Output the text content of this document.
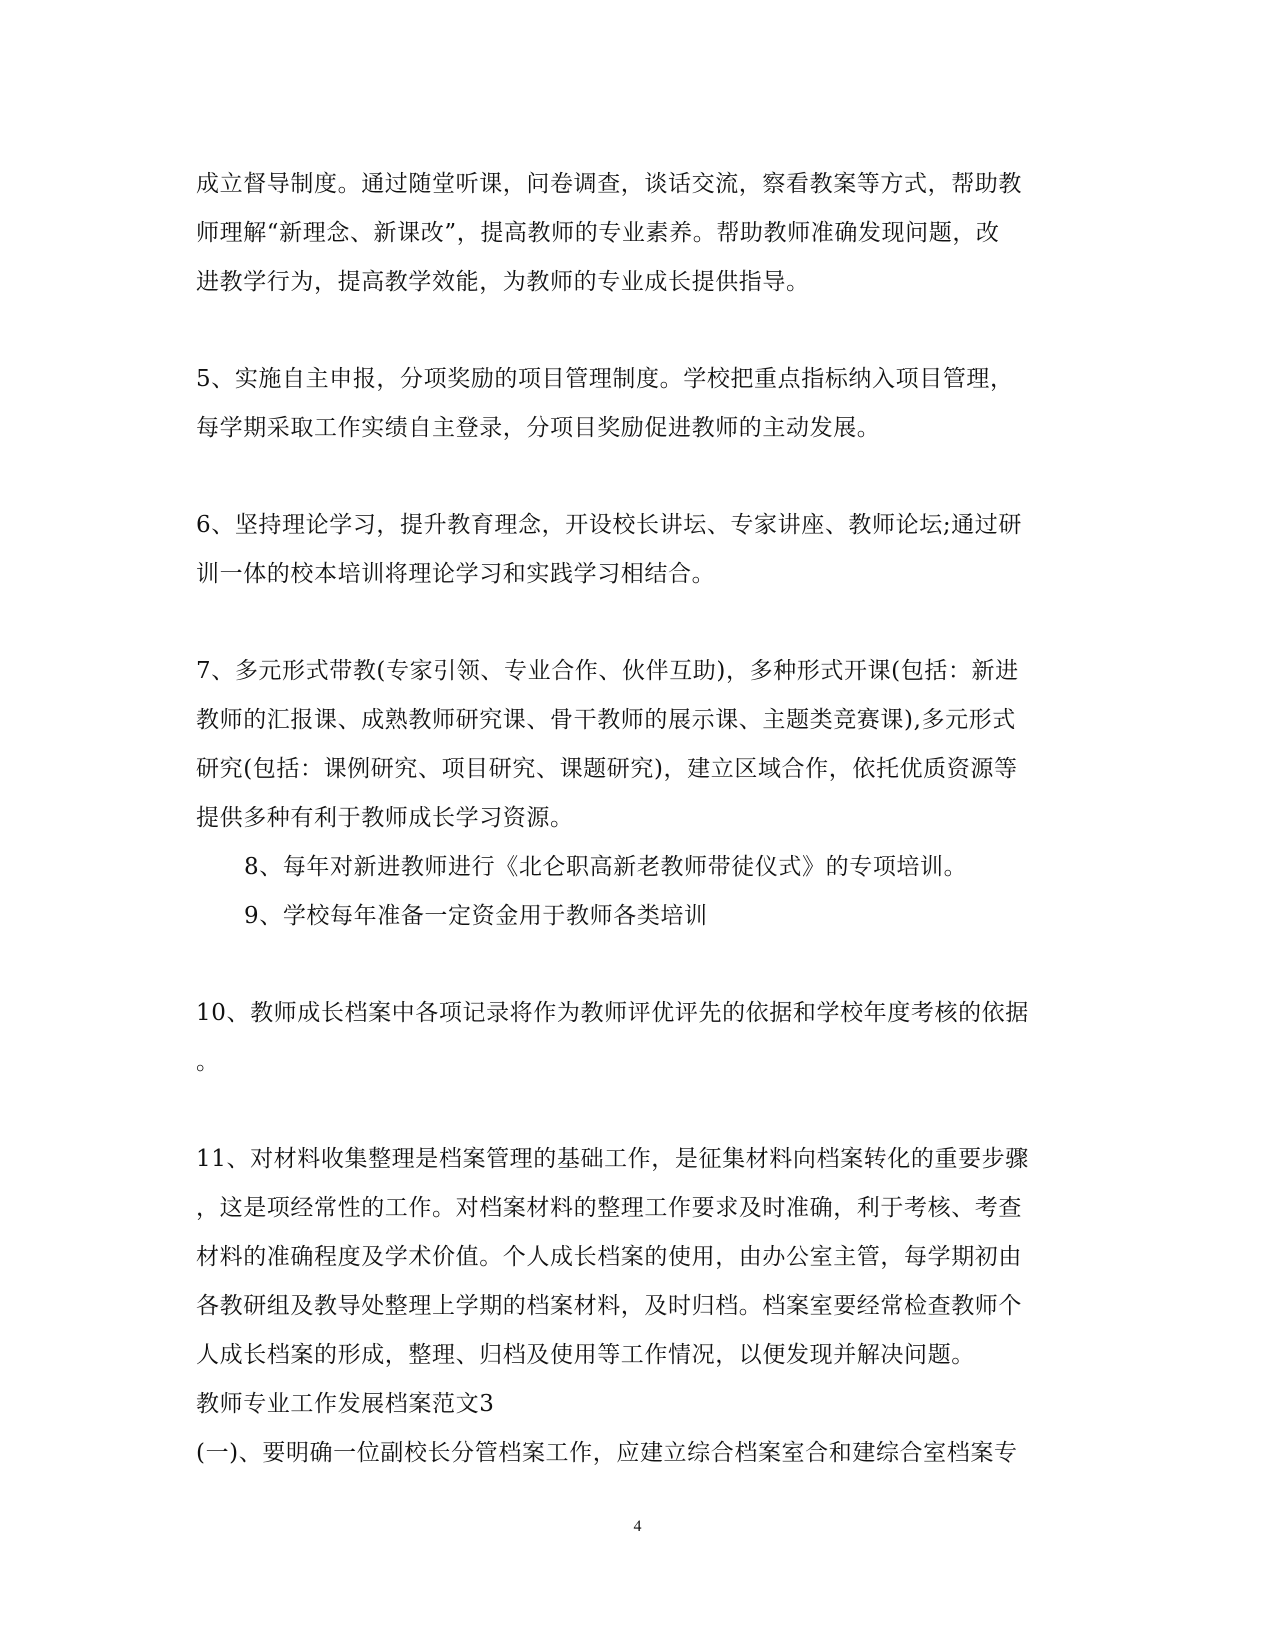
成立督导制度。通过随堂听课，问卷调查，谈话交流，察看教案等方式，帮助教
师理解“新理念、新课改”，提高教师的专业素养。帮助教师准确发现问题，改
进教学行为，提高教学效能，为教师的专业成长提供指导。
5、实施自主申报，分项奖励的项目管理制度。学校把重点指标纳入项目管理，
每学期采取工作实绩自主登录，分项目奖励促进教师的主动发展。
6、坚持理论学习，提升教育理念，开设校长讲坛、专家讲座、教师论坛;通过研
训一体的校本培训将理论学习和实践学习相结合。
7、多元形式带教(专家引领、专业合作、伙伴互助)，多种形式开课(包括：新进
教师的汇报课、成熟教师研究课、骨干教师的展示课、主题类竞赛课),多元形式
研究(包括：课例研究、项目研究、课题研究)，建立区域合作，依托优质资源等
提供多种有利于教师成长学习资源。
8、每年对新进教师进行《北仑职高新老教师带徒仪式》的专项培训。
9、学校每年准备一定资金用于教师各类培训
10、教师成长档案中各项记录将作为教师评优评先的依据和学校年度考核的依据
。
11、对材料收集整理是档案管理的基础工作，是征集材料向档案转化的重要步骤
，这是项经常性的工作。对档案材料的整理工作要求及时准确，利于考核、考查
材料的准确程度及学术价值。个人成长档案的使用，由办公室主管，每学期初由
各教研组及教导处整理上学期的档案材料，及时归档。档案室要经常检查教师个
人成长档案的形成，整理、归档及使用等工作情况，以便发现并解决问题。
教师专业工作发展档案范文3
(一)、要明确一位副校长分管档案工作，应建立综合档案室合和建综合室档案专
4
